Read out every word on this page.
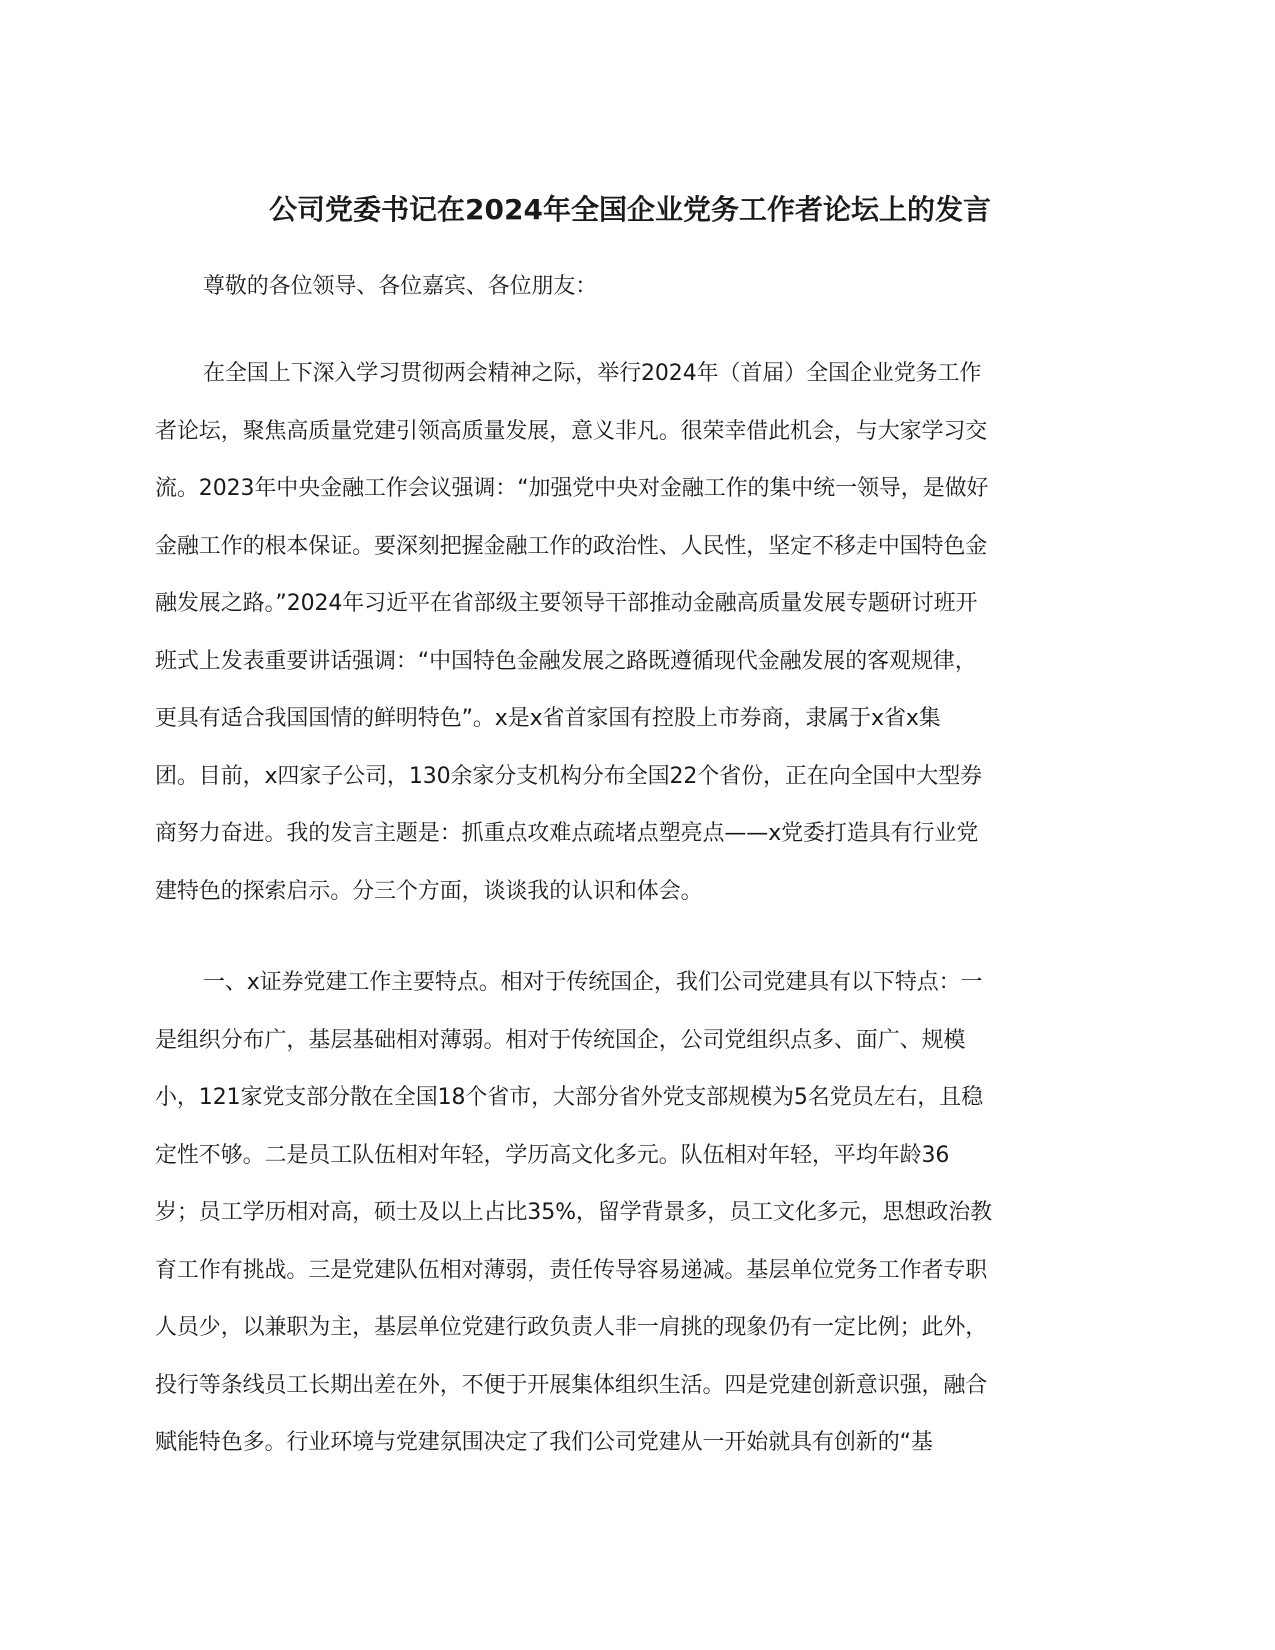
公司党委书记在2024年全国企业党务工作者论坛上的发言

尊敬的各位领导、各位嘉宾、各位朋友：

在全国上下深入学习贯彻两会精神之际，举行2024年（首届）全国企业党务工作
者论坛，聚焦高质量党建引领高质量发展，意义非凡。很荣幸借此机会，与大家学习交
流。2023年中央金融工作会议强调：“加强党中央对金融工作的集中统一领导，是做好
金融工作的根本保证。要深刻把握金融工作的政治性、人民性，坚定不移走中国特色金
融发展之路。”2024年习近平在省部级主要领导干部推动金融高质量发展专题研讨班开
班式上发表重要讲话强调：“中国特色金融发展之路既遵循现代金融发展的客观规律，
更具有适合我国国情的鲜明特色”。x是x省首家国有控股上市券商，隶属于x省x集
团。目前，x四家子公司，130余家分支机构分布全国22个省份，正在向全国中大型券
商努力奋进。我的发言主题是：抓重点攻难点疏堵点塑亮点——x党委打造具有行业党
建特色的探索启示。分三个方面，谈谈我的认识和体会。
一、x证券党建工作主要特点。相对于传统国企，我们公司党建具有以下特点：一
是组织分布广，基层基础相对薄弱。相对于传统国企，公司党组织点多、面广、规模
小，121家党支部分散在全国18个省市，大部分省外党支部规模为5名党员左右，且稳
定性不够。二是员工队伍相对年轻，学历高文化多元。队伍相对年轻，平均年龄36
岁；员工学历相对高，硕士及以上占比35%，留学背景多，员工文化多元，思想政治教
育工作有挑战。三是党建队伍相对薄弱，责任传导容易递减。基层单位党务工作者专职
人员少，以兼职为主，基层单位党建行政负责人非一肩挑的现象仍有一定比例；此外，
投行等条线员工长期出差在外，不便于开展集体组织生活。四是党建创新意识强，融合
赋能特色多。行业环境与党建氛围决定了我们公司党建从一开始就具有创新的“基
